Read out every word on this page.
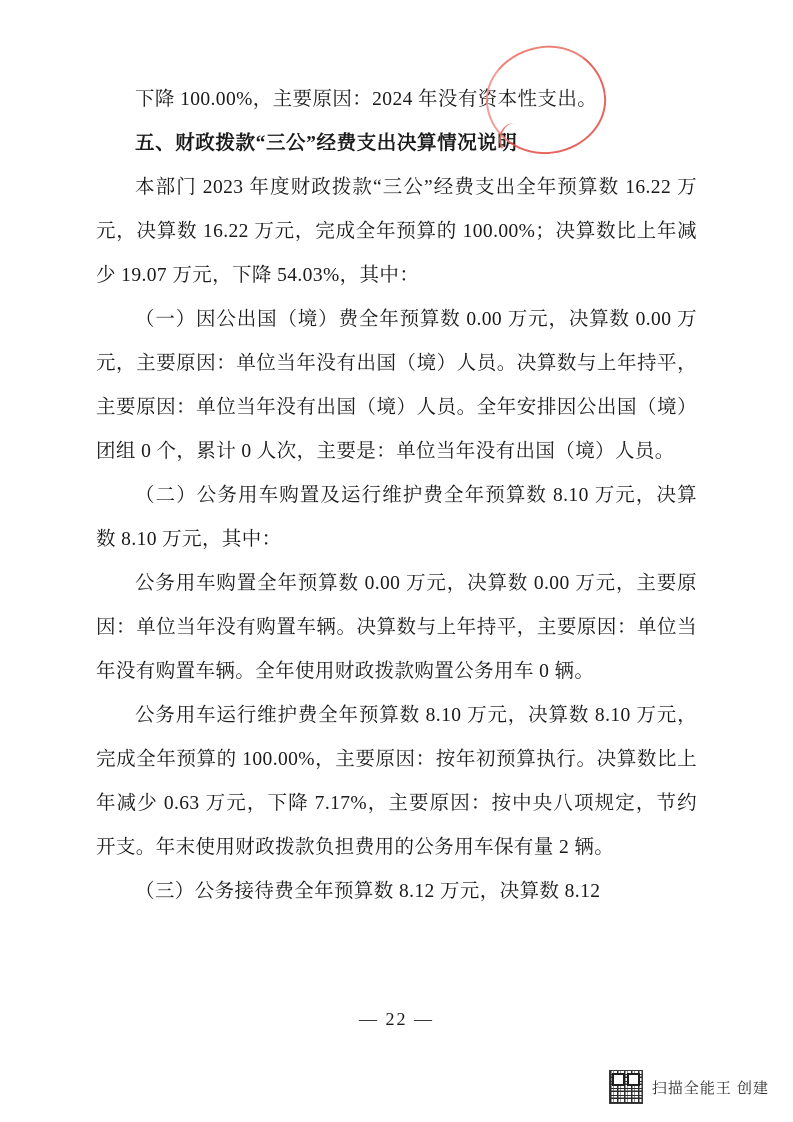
下降 100.00%，主要原因：2024 年没有资本性支出。

五、财政拨款“三公”经费支出决算情况说明

本部门 2023 年度财政拨款“三公”经费支出全年预算数 16.22 万元，决算数 16.22 万元，完成全年预算的 100.00%；决算数比上年减少 19.07 万元，下降 54.03%，其中：

（一）因公出国（境）费全年预算数 0.00 万元，决算数 0.00 万元，主要原因：单位当年没有出国（境）人员。决算数与上年持平，主要原因：单位当年没有出国（境）人员。全年安排因公出国（境）团组 0 个，累计 0 人次，主要是：单位当年没有出国（境）人员。

（二）公务用车购置及运行维护费全年预算数 8.10 万元，决算数 8.10 万元，其中：

公务用车购置全年预算数 0.00 万元，决算数 0.00 万元，主要原因：单位当年没有购置车辆。决算数与上年持平，主要原因：单位当年没有购置车辆。全年使用财政拨款购置公务用车 0 辆。

公务用车运行维护费全年预算数 8.10 万元，决算数 8.10 万元，完成全年预算的 100.00%，主要原因：按年初预算执行。决算数比上年减少 0.63 万元，下降 7.17%，主要原因：按中央八项规定，节约开支。年末使用财政拨款负担费用的公务用车保有量 2 辆。

（三）公务接待费全年预算数 8.12 万元，决算数 8.12

— 22 —
扫描全能王 创建
